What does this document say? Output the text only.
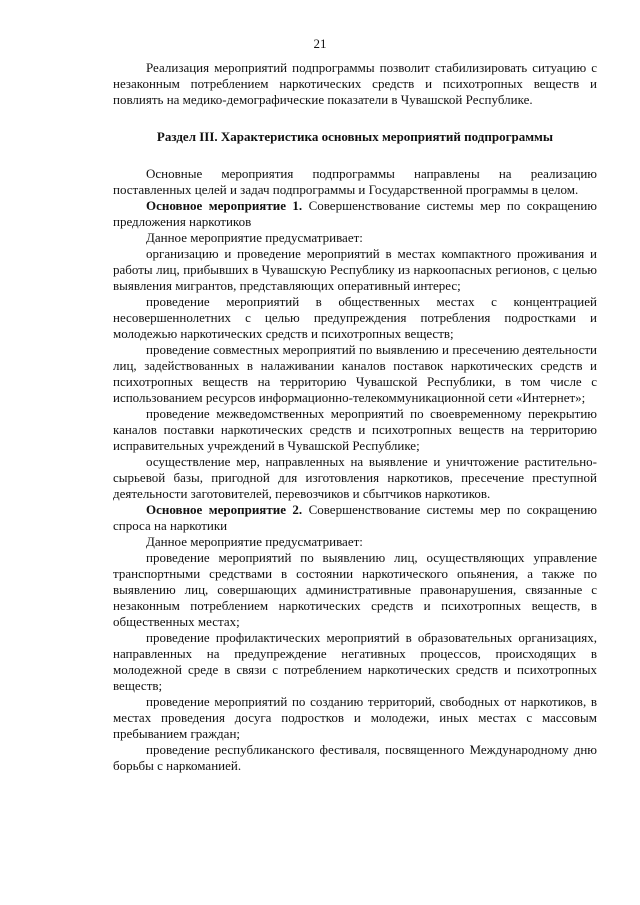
21

Реализация мероприятий подпрограммы позволит стабилизировать ситуацию с незаконным потреблением наркотических средств и психотропных веществ и повлиять на медико-демографические показатели в Чувашской Республике.

Раздел III. Характеристика основных мероприятий подпрограммы

Основные мероприятия подпрограммы направлены на реализацию поставленных целей и задач подпрограммы и Государственной программы в целом.

Основное мероприятие 1. Совершенствование системы мер по сокращению предложения наркотиков

Данное мероприятие предусматривает:

организацию и проведение мероприятий в местах компактного проживания и работы лиц, прибывших в Чувашскую Республику из наркоопасных регионов, с целью выявления мигрантов, представляющих оперативный интерес;

проведение мероприятий в общественных местах с концентрацией несовершеннолетних с целью предупреждения потребления подростками и молодежью наркотических средств и психотропных веществ;

проведение совместных мероприятий по выявлению и пресечению деятельности лиц, задействованных в налаживании каналов поставок наркотических средств и психотропных веществ на территорию Чувашской Республики, в том числе с использованием ресурсов информационно-телекоммуникационной сети «Интернет»;

проведение межведомственных мероприятий по своевременному перекрытию каналов поставки наркотических средств и психотропных веществ на территорию исправительных учреждений в Чувашской Республике;

осуществление мер, направленных на выявление и уничтожение растительно-сырьевой базы, пригодной для изготовления наркотиков, пресечение преступной деятельности заготовителей, перевозчиков и сбытчиков наркотиков.

Основное мероприятие 2. Совершенствование системы мер по сокращению спроса на наркотики

Данное мероприятие предусматривает:

проведение мероприятий по выявлению лиц, осуществляющих управление транспортными средствами в состоянии наркотического опьянения, а также по выявлению лиц, совершающих административные правонарушения, связанные с незаконным потреблением наркотических средств и психотропных веществ, в общественных местах;

проведение профилактических мероприятий в образовательных организациях, направленных на предупреждение негативных процессов, происходящих в молодежной среде в связи с потреблением наркотических средств и психотропных веществ;

проведение мероприятий по созданию территорий, свободных от наркотиков, в местах проведения досуга подростков и молодежи, иных местах с массовым пребыванием граждан;

проведение республиканского фестиваля, посвященного Международному дню борьбы с наркоманией.
